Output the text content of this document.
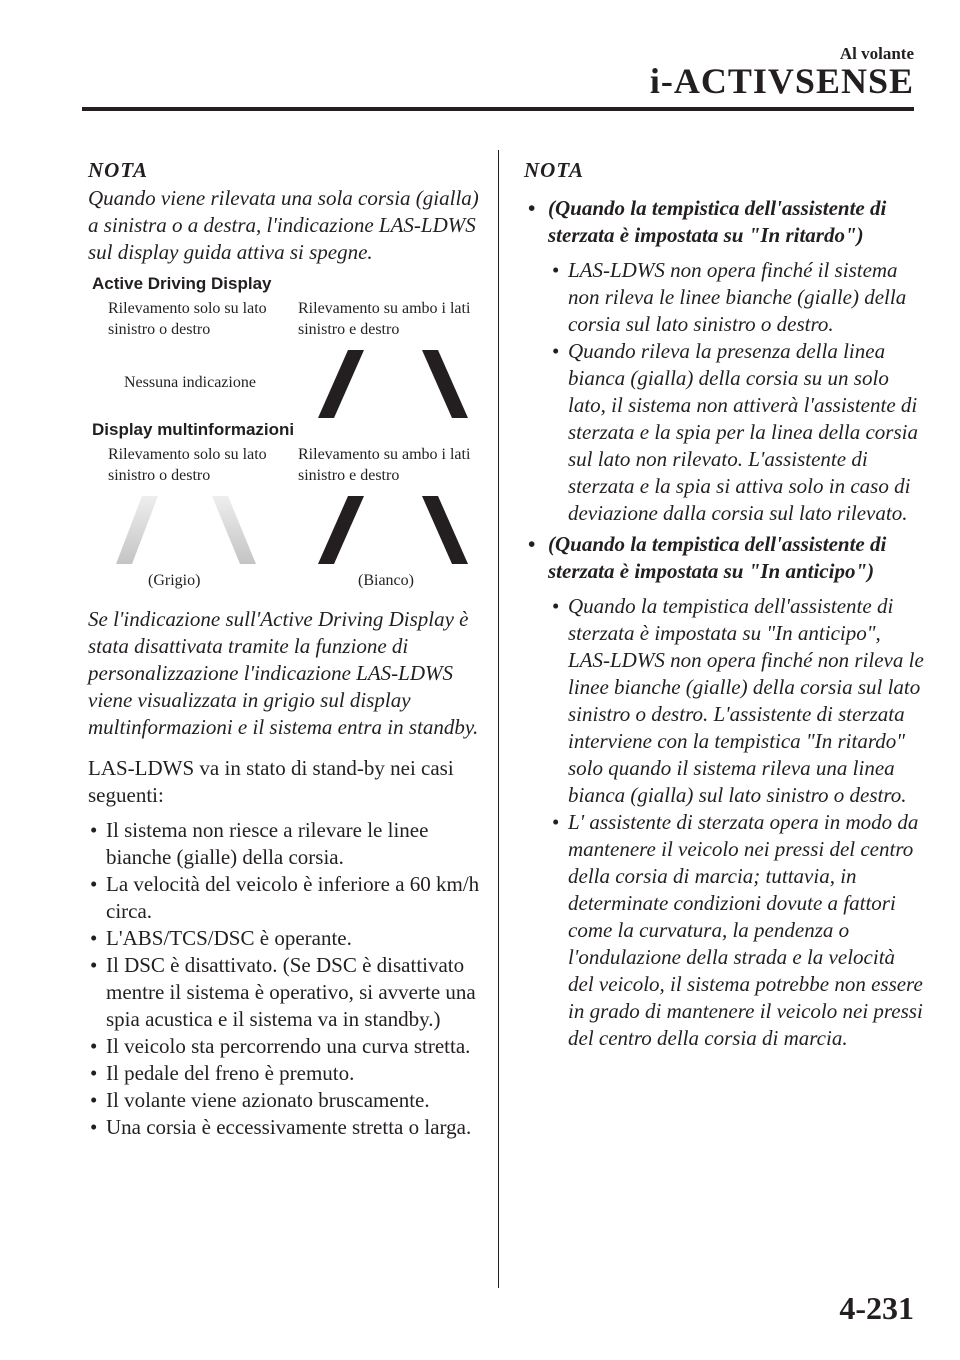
Al volante
i-ACTIVSENSE
NOTA

Quando viene rilevata una sola corsia (gialla) a sinistra o a destra, l'indicazione LAS-LDWS sul display guida attiva si spegne.

Active Driving Display
Rilevamento solo su lato sinistro o destro
Rilevamento su ambo i lati sinistro e destro
Nessuna indicazione
Display multinformazioni
Rilevamento solo su lato sinistro o destro
Rilevamento su ambo i lati sinistro e destro
(Grigio)	(Bianco)

Se l'indicazione sull'Active Driving Display è stata disattivata tramite la funzione di personalizzazione l'indicazione LAS-LDWS viene visualizzata in grigio sul display multinformazioni e il sistema entra in standby.

LAS-LDWS va in stato di stand-by nei casi seguenti:

• Il sistema non riesce a rilevare le linee bianche (gialle) della corsia.
• La velocità del veicolo è inferiore a 60 km/h circa.
• L'ABS/TCS/DSC è operante.
• Il DSC è disattivato. (Se DSC è disattivato mentre il sistema è operativo, si avverte una spia acustica e il sistema va in standby.)
• Il veicolo sta percorrendo una curva stretta.
• Il pedale del freno è premuto.
• Il volante viene azionato bruscamente.
• Una corsia è eccessivamente stretta o larga.
NOTA
• (Quando la tempistica dell'assistente di sterzata è impostata su "In ritardo")
• LAS-LDWS non opera finché il sistema non rileva le linee bianche (gialle) della corsia sul lato sinistro o destro.
• Quando rileva la presenza della linea bianca (gialla) della corsia su un solo lato, il sistema non attiverà l'assistente di sterzata e la spia per la linea della corsia sul lato non rilevato. L'assistente di sterzata e la spia si attiva solo in caso di deviazione dalla corsia sul lato rilevato.
• (Quando la tempistica dell'assistente di sterzata è impostata su "In anticipo")
• Quando la tempistica dell'assistente di sterzata è impostata su "In anticipo", LAS-LDWS non opera finché non rileva le linee bianche (gialle) della corsia sul lato sinistro o destro. L'assistente di sterzata interviene con la tempistica "In ritardo" solo quando il sistema rileva una linea bianca (gialla) sul lato sinistro o destro.
• L' assistente di sterzata opera in modo da mantenere il veicolo nei pressi del centro della corsia di marcia; tuttavia, in determinate condizioni dovute a fattori come la curvatura, la pendenza o l'ondulazione della strada e la velocità del veicolo, il sistema potrebbe non essere in grado di mantenere il veicolo nei pressi del centro della corsia di marcia.
4-231
